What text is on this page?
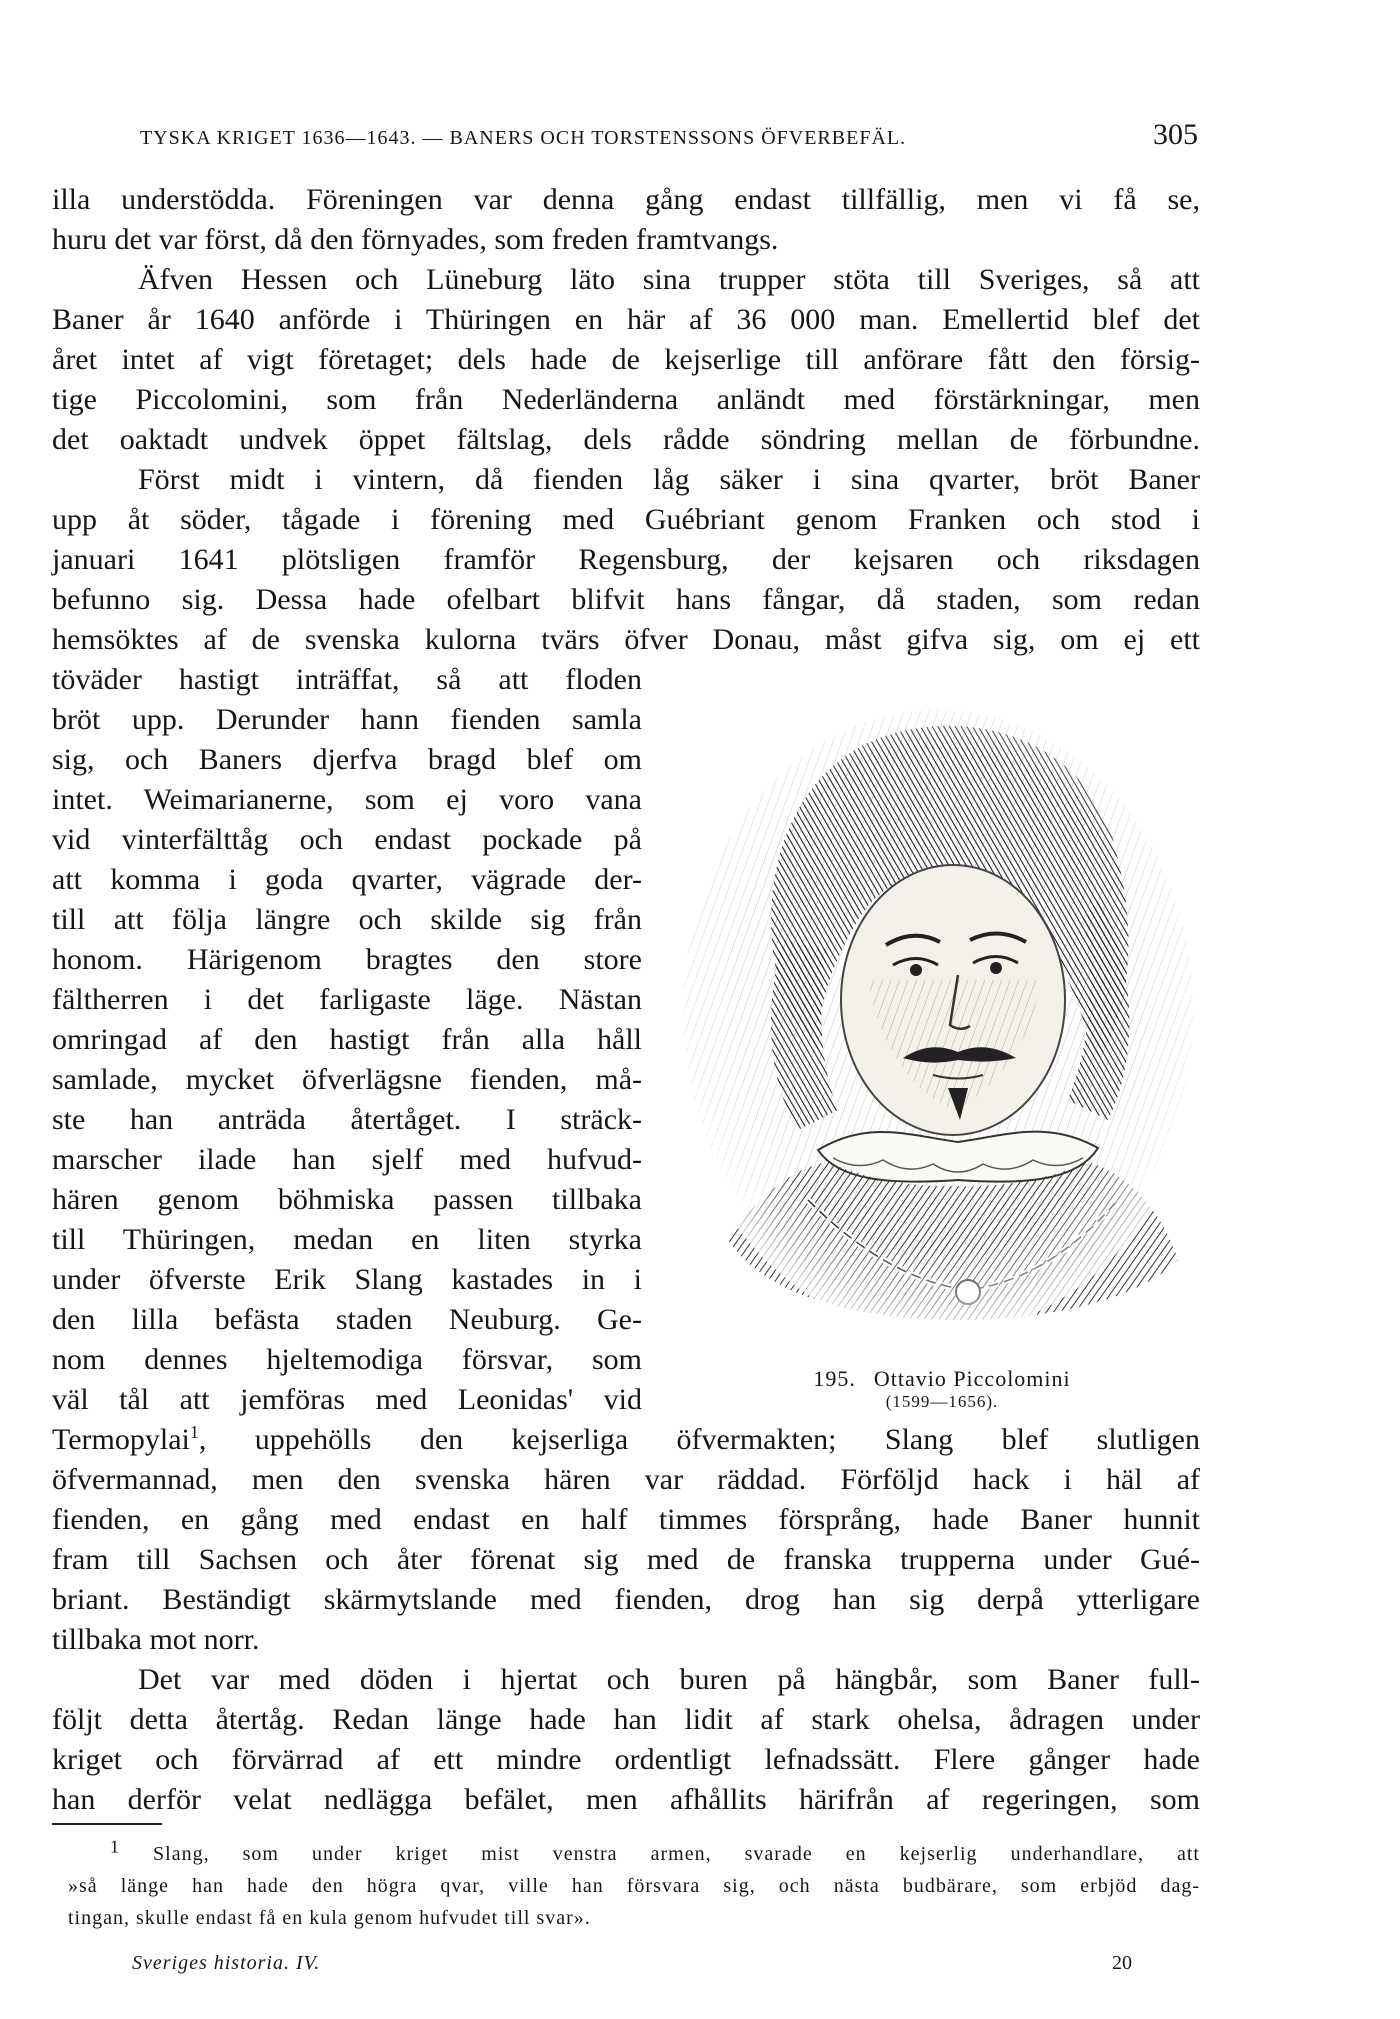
TYSKA KRIGET 1636—1643. — BANERS OCH TORSTENSSONS ÖFVERBEFÄL.	305
illa understödda. Föreningen var denna gång endast tillfällig, men vi få se,
huru det var först, då den förnyades, som freden framtvangs.
Äfven Hessen och Lüneburg läto sina trupper stöta till Sveriges, så att
Baner år 1640 anförde i Thüringen en här af 36 000 man. Emellertid blef det
året intet af vigt företaget; dels hade de kejserlige till anförare fått den försig-
tige Piccolomini, som från Nederländerna anländt med förstärkningar, men
det oaktadt undvek öppet fältslag, dels rådde söndring mellan de förbundne.
Först midt i vintern, då fienden låg säker i sina qvarter, bröt Baner
upp åt söder, tågade i förening med Guébriant genom Franken och stod i
januari 1641 plötsligen framför Regensburg, der kejsaren och riksdagen
befunno sig. Dessa hade ofelbart blifvit hans fångar, då staden, som redan
hemsöktes af de svenska kulorna tvärs öfver Donau, måst gifva sig, om ej ett
töväder hastigt inträffat, så att floden
bröt upp. Derunder hann fienden samla
sig, och Baners djerfva bragd blef om
intet. Weimarianerne, som ej voro vana
vid vinterfälttåg och endast pockade på
att komma i goda qvarter, vägrade der-
till att följa längre och skilde sig från
honom. Härigenom bragtes den store
fältherren i det farligaste läge. Nästan
omringad af den hastigt från alla håll
samlade, mycket öfverlägsne fienden, må-
ste han anträda återtåget. I sträck-
marscher ilade han sjelf med hufvud-
hären genom böhmiska passen tillbaka
till Thüringen, medan en liten styrka
under öfverste Erik Slang kastades in i
den lilla befästa staden Neuburg. Ge-
nom dennes hjeltemodiga försvar, som
väl tål att jemföras med Leonidas' vid
Termopylai$^1$, uppehölls den kejserliga öfvermakten; Slang blef slutligen
öfvermannad, men den svenska hären var räddad. Förföljd hack i häl af
fienden, en gång med endast en half timmes försprång, hade Baner hunnit
fram till Sachsen och åter förenat sig med de franska trupperna under Gué-
briant. Beständigt skärmytslande med fienden, drog han sig derpå ytterligare
tillbaka mot norr.
Det var med döden i hjertat och buren på hängbår, som Baner full-
följt detta återtåg. Redan länge hade han lidit af stark ohelsa, ådragen under
kriget och förvärrad af ett mindre ordentligt lefnadssätt. Flere gånger hade
han derför velat nedlägga befälet, men afhållits härifrån af regeringen, som
195. Ottavio Piccolomini
(1599—1656).
1 Slang, som under kriget mist venstra armen, svarade en kejserlig underhandlare, att
»så länge han hade den högra qvar, ville han försvara sig, och nästa budbärare, som erbjöd dag-
tingan, skulle endast få en kula genom hufvudet till svar».
Sveriges historia. IV.	20
